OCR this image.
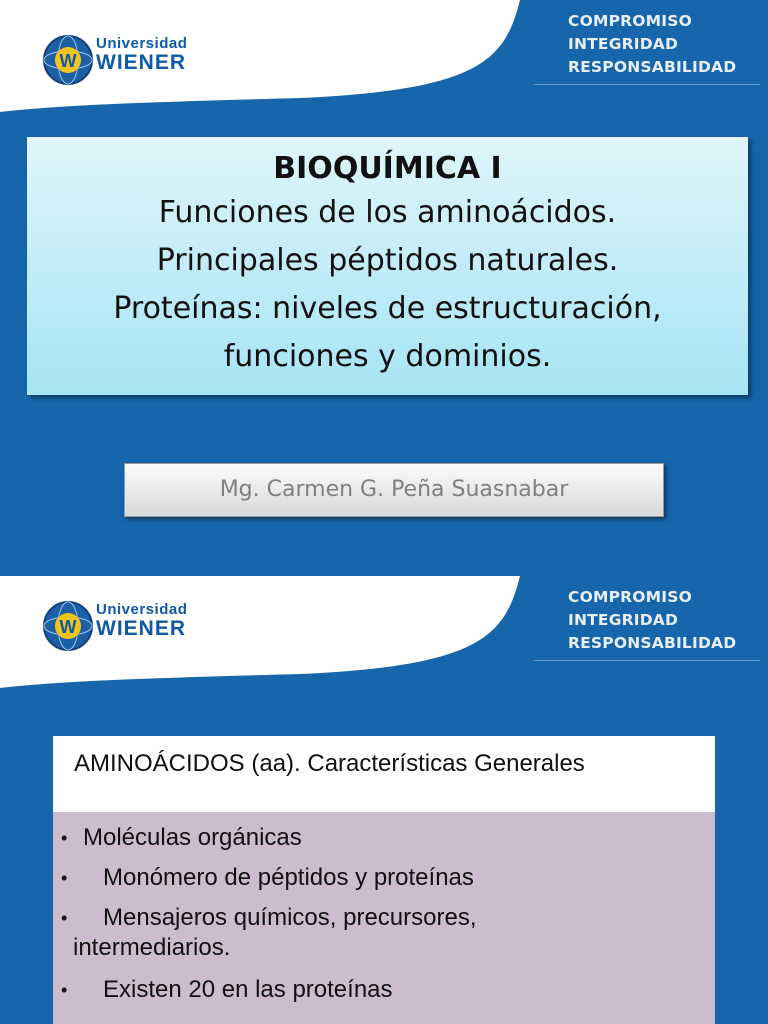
W
Universidad
WIENER
COMPROMISO
INTEGRIDAD
RESPONSABILIDAD
BIOQUÍMICA I
Funciones de los aminoácidos.
Principales péptidos naturales.
Proteínas: niveles de estructuración,
funciones y dominios.
Mg. Carmen G. Peña Suasnabar
W
Universidad
WIENER
COMPROMISO
INTEGRIDAD
RESPONSABILIDAD
AMINOÁCIDOS (aa). Características Generales
• Moléculas orgánicas
• Monómero de péptidos y proteínas
• Mensajeros químicos, precursores,
intermediarios.
• Existen 20 en las proteínas
